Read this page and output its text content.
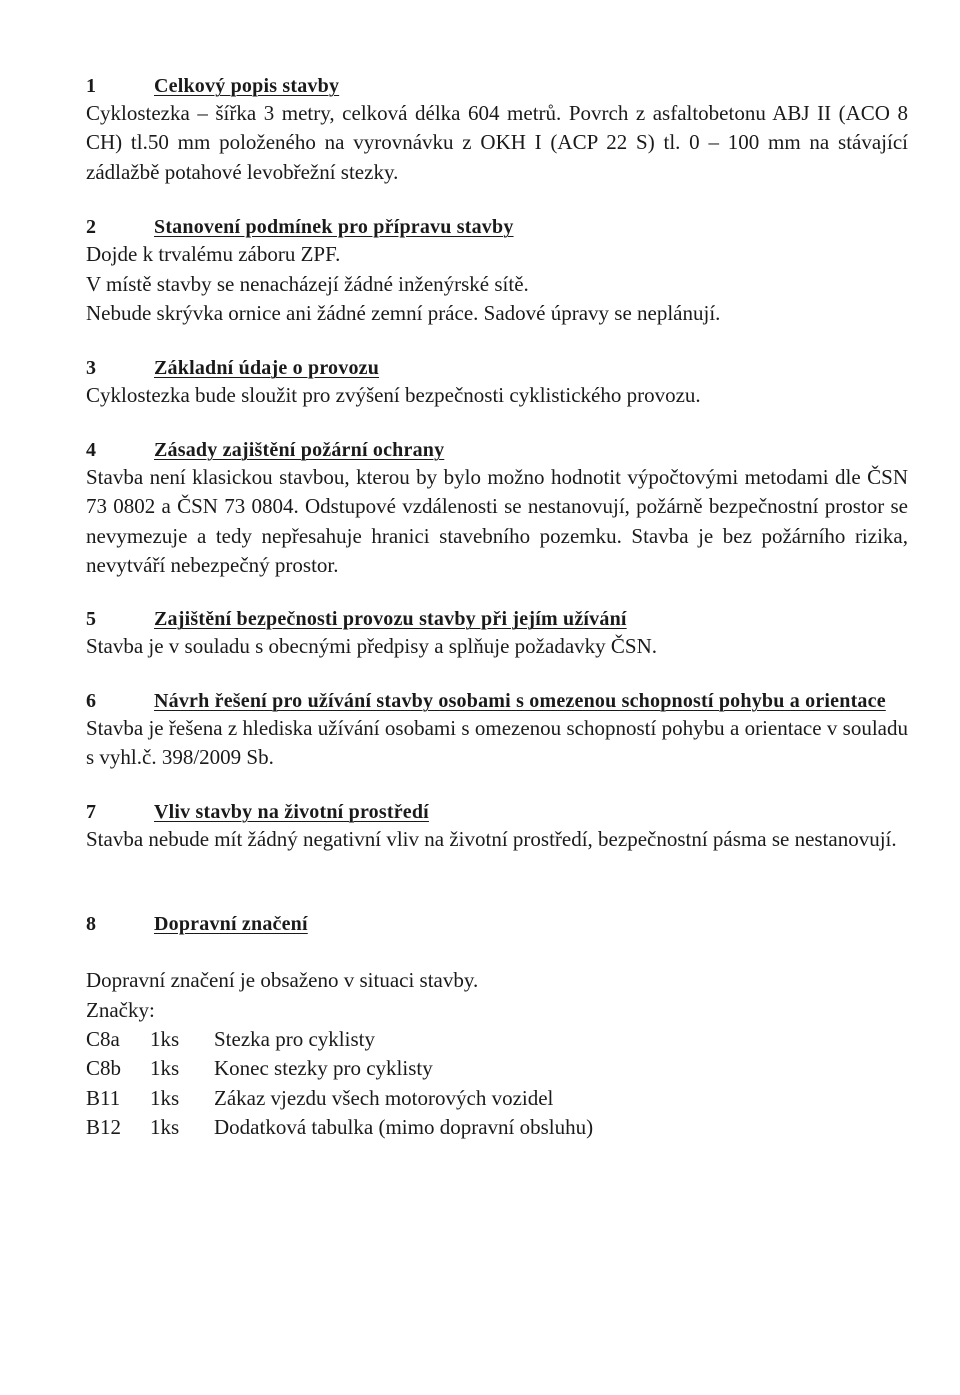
1	Celkový popis stavby

Cyklostezka – šířka 3 metry, celková délka 604 metrů. Povrch z asfaltobetonu ABJ II (ACO 8 CH) tl.50 mm položeného na vyrovnávku z OKH I (ACP 22 S) tl. 0 – 100 mm na stávající zádlažbě potahové levobřežní stezky.

2	Stanovení podmínek pro přípravu stavby

Dojde k trvalému záboru ZPF.

V místě stavby se nenacházejí žádné inženýrské sítě.

Nebude skrývka ornice ani žádné zemní práce. Sadové úpravy se neplánují.

3	Základní údaje o provozu

Cyklostezka bude sloužit pro zvýšení bezpečnosti cyklistického provozu.

4	Zásady zajištění požární ochrany

Stavba není klasickou stavbou, kterou by bylo možno hodnotit výpočtovými metodami dle ČSN 73 0802 a ČSN 73 0804. Odstupové vzdálenosti se nestanovují, požárně bezpečnostní prostor se nevymezuje a tedy nepřesahuje hranici stavebního pozemku. Stavba je bez požárního rizika, nevytváří nebezpečný prostor.

5	Zajištění bezpečnosti provozu stavby při jejím užívání

Stavba je v souladu s obecnými předpisy a splňuje požadavky ČSN.

6	Návrh řešení pro užívání stavby osobami s omezenou schopností pohybu a orientace

Stavba je řešena z hlediska užívání osobami s omezenou schopností pohybu a orientace v souladu s vyhl.č. 398/2009 Sb.

7	Vliv stavby na životní prostředí

Stavba nebude mít žádný negativní vliv na životní prostředí, bezpečnostní pásma se nestanovují.

8	Dopravní značení

Dopravní značení je obsaženo v situaci stavby.

Značky:

C8a	1ks	Stezka pro cyklisty
C8b	1ks	Konec stezky pro cyklisty
B11	1ks	Zákaz vjezdu všech motorových vozidel
B12	1ks	Dodatková tabulka (mimo dopravní obsluhu)
